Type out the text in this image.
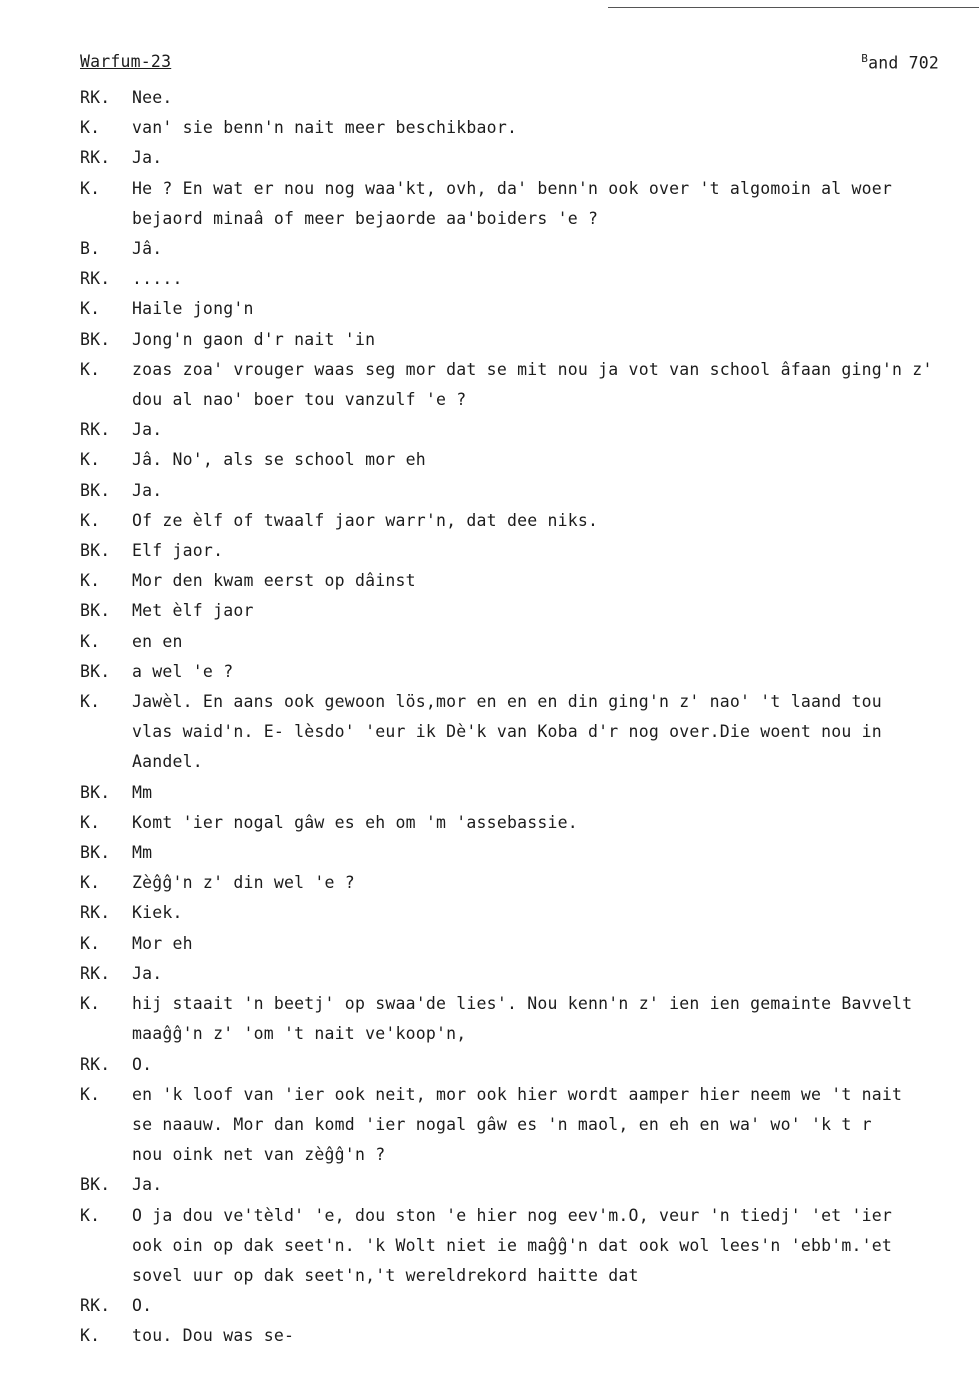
Warfum-23	$^B$and 702
RK.	Nee.
K.	van' sie benn'n nait meer beschikbaor.
RK.	Ja.
K.	He ? En wat er nou nog waa'kt, ovh, da' benn'n ook over 't algomoin al woer
bejaord minaâ of meer bejaorde aa'boiders 'e ?
B.	Jâ.
RK.	.....
K.	Haile jong'n
BK.	Jong'n gaon d'r nait 'in
K.	zoas zoa' vrouger waas seg mor dat se mit nou ja vot van school âfaan ging'n z'
dou al nao' boer tou vanzulf 'e ?
RK.	Ja.
K.	Jâ. No', als se school mor eh
BK.	Ja.
K.	Of ze èlf of twaalf jaor warr'n, dat dee niks.
BK.	Elf jaor.
K.	Mor den kwam eerst op dâinst
BK.	Met èlf jaor
K.	en en
BK.	a wel 'e ?
K.	Jawèl. En aans ook gewoon lös,mor en en en din ging'n z' nao' 't laand tou
vlas waid'n. E- lèsdo' 'eur ik Dè'k van Koba d'r nog over.Die woent nou in
Aandel.
BK.	Mm
K.	Komt 'ier nogal gâw es eh om 'm 'assebassie.
BK.	Mm
K.	Zèĝĝ'n z' din wel 'e ?
RK.	Kiek.
K.	Mor eh
RK.	Ja.
K.	hij staait 'n beetj' op swaa'de lies'. Nou kenn'n z' ien ien gemainte Bavvelt
maaĝĝ'n z' 'om 't nait ve'koop'n,
RK.	O.
K.	en 'k loof van 'ier ook neit, mor ook hier wordt aamper hier neem we 't nait
se naauw. Mor dan komd 'ier nogal gâw es 'n maol, en eh en wa' wo' 'k t r
nou oink net van zèĝĝ'n ?
BK.	Ja.
K.	O ja dou ve'tèld' 'e, dou ston 'e hier nog eev'm.O, veur 'n tiedj' 'et 'ier
ook oin op dak seet'n. 'k Wolt niet ie maĝĝ'n dat ook wol lees'n 'ebb'm.'et
sovel uur op dak seet'n,'t wereldrekord haitte dat
RK.	O.
K.	tou. Dou was se-
